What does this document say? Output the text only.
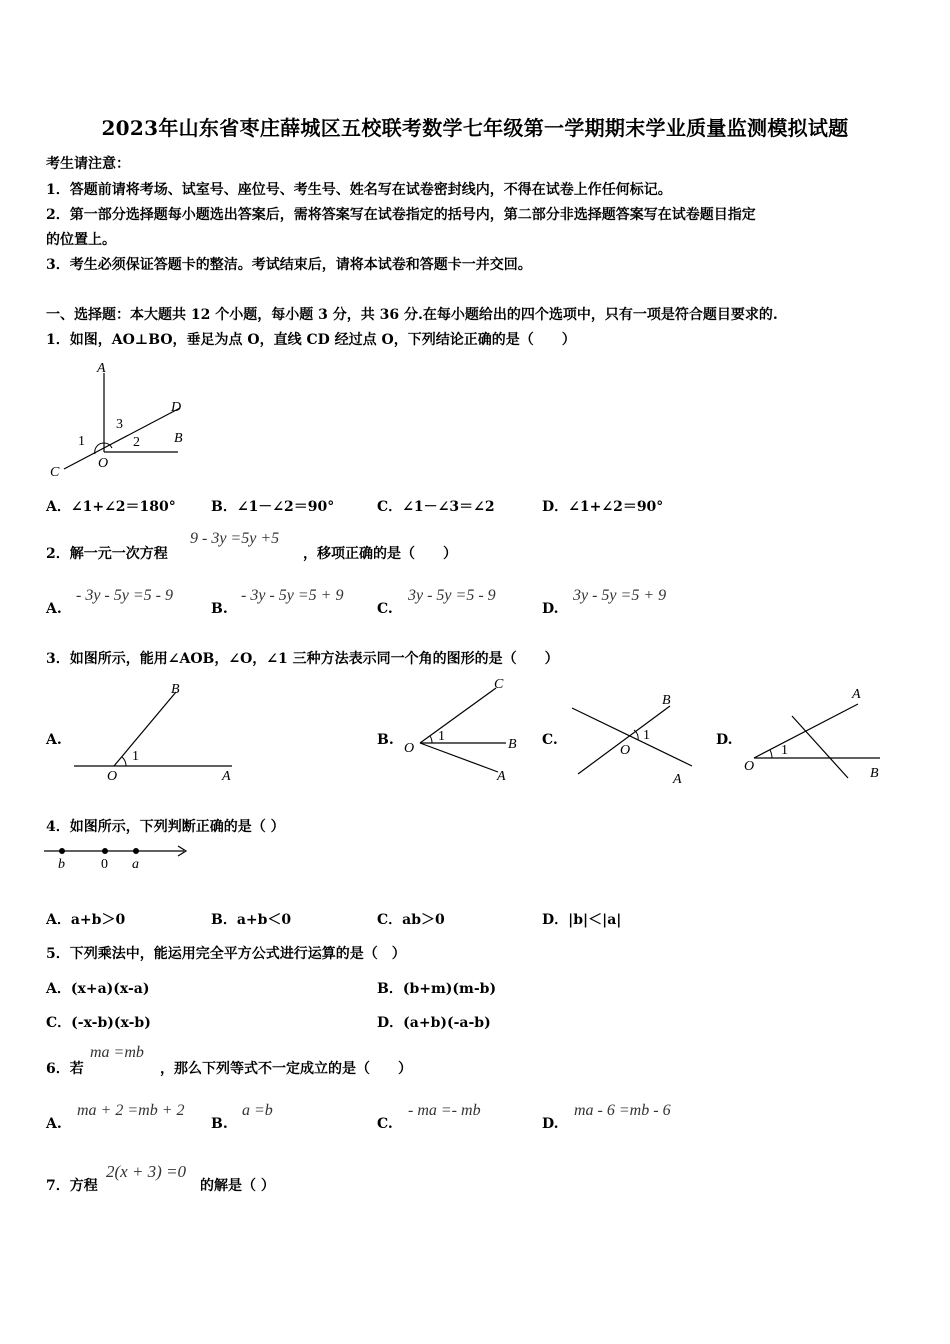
2023年山东省枣庄薛城区五校联考数学七年级第一学期期末学业质量监测模拟试题
考生请注意：
1．答题前请将考场、试室号、座位号、考生号、姓名写在试卷密封线内，不得在试卷上作任何标记。
2．第一部分选择题每小题选出答案后，需将答案写在试卷指定的括号内，第二部分非选择题答案写在试卷题目指定
的位置上。
3．考生必须保证答题卡的整洁。考试结束后，请将本试卷和答题卡一并交回。
一、选择题：本大题共 12 个小题，每小题 3 分，共 36 分.在每小题给出的四个选项中，只有一项是符合题目要求的.
1．如图，AO⊥BO，垂足为点 O，直线 CD 经过点 O，下列结论正确的是（　　）
A
D
B
C
O
1	2
3
A．∠1+∠2＝180°	B．∠1－∠2＝90°	C．∠1－∠3＝∠2	D．∠1+∠2＝90°
2．解一元一次方程
9 - 3y =5y +5
，移项正确的是（　　）
A.
- 3y - 5y =5 - 9
B.
- 3y - 5y =5 + 9
C.
3y - 5y =5 - 9
D.
3y - 5y =5 + 9
3．如图所示，能用∠AOB，∠O，∠1 三种方法表示同一个角的图形的是（　　）
A.
B
O	A
1
B.
C
O	B
A
1	C.
B
O
A
1	D.
A
O	B
1
4．如图所示，下列判断正确的是（ ）
b	0 a
A．a+b＞0	B．a+b＜0	C．ab＞0	D．|b|＜|a|
5．下列乘法中，能运用完全平方公式进行运算的是（　）
A．(x+a)(x-a)	B．(b+m)(m-b)
C．(-x-b)(x-b)	D．(a+b)(-a-b)
6．若
ma =mb
，那么下列等式不一定成立的是（　　）
A.
ma + 2 =mb + 2
B.
a =b
C.
- ma =- mb
D.
ma - 6 =mb - 6
7．方程
2(x + 3) =0
的解是（ ）
